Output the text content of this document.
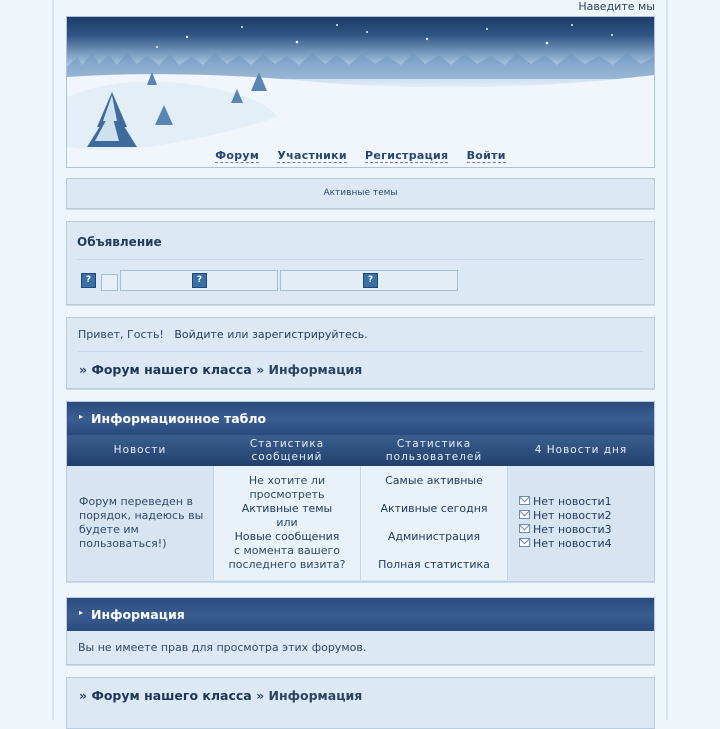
Наведите мы
Форум Участники Регистрация Войти
Активные темы
Объявление
?	?	?
Привет, Гость! Войдите или зарегистрируйтесь.
» Форум нашего класса » Информация
▸ Информационное табло
Новости
Статистика сообщений
Статистика пользователей
4 Новости дня

Форум переведен в порядок, надеюсь вы будете им пользоваться!)

Не хотите ли
просмотреть
Активные темы
или
Новые сообщения
с момента вашего
последнего визита?
Самые активные
Активные сегодня
Администрация
Полная статистика
Нет новости1
Нет новости2
Нет новости3
Нет новости4
▸ Информация
Вы не имеете прав для просмотра этих форумов.
» Форум нашего класса » Информация
